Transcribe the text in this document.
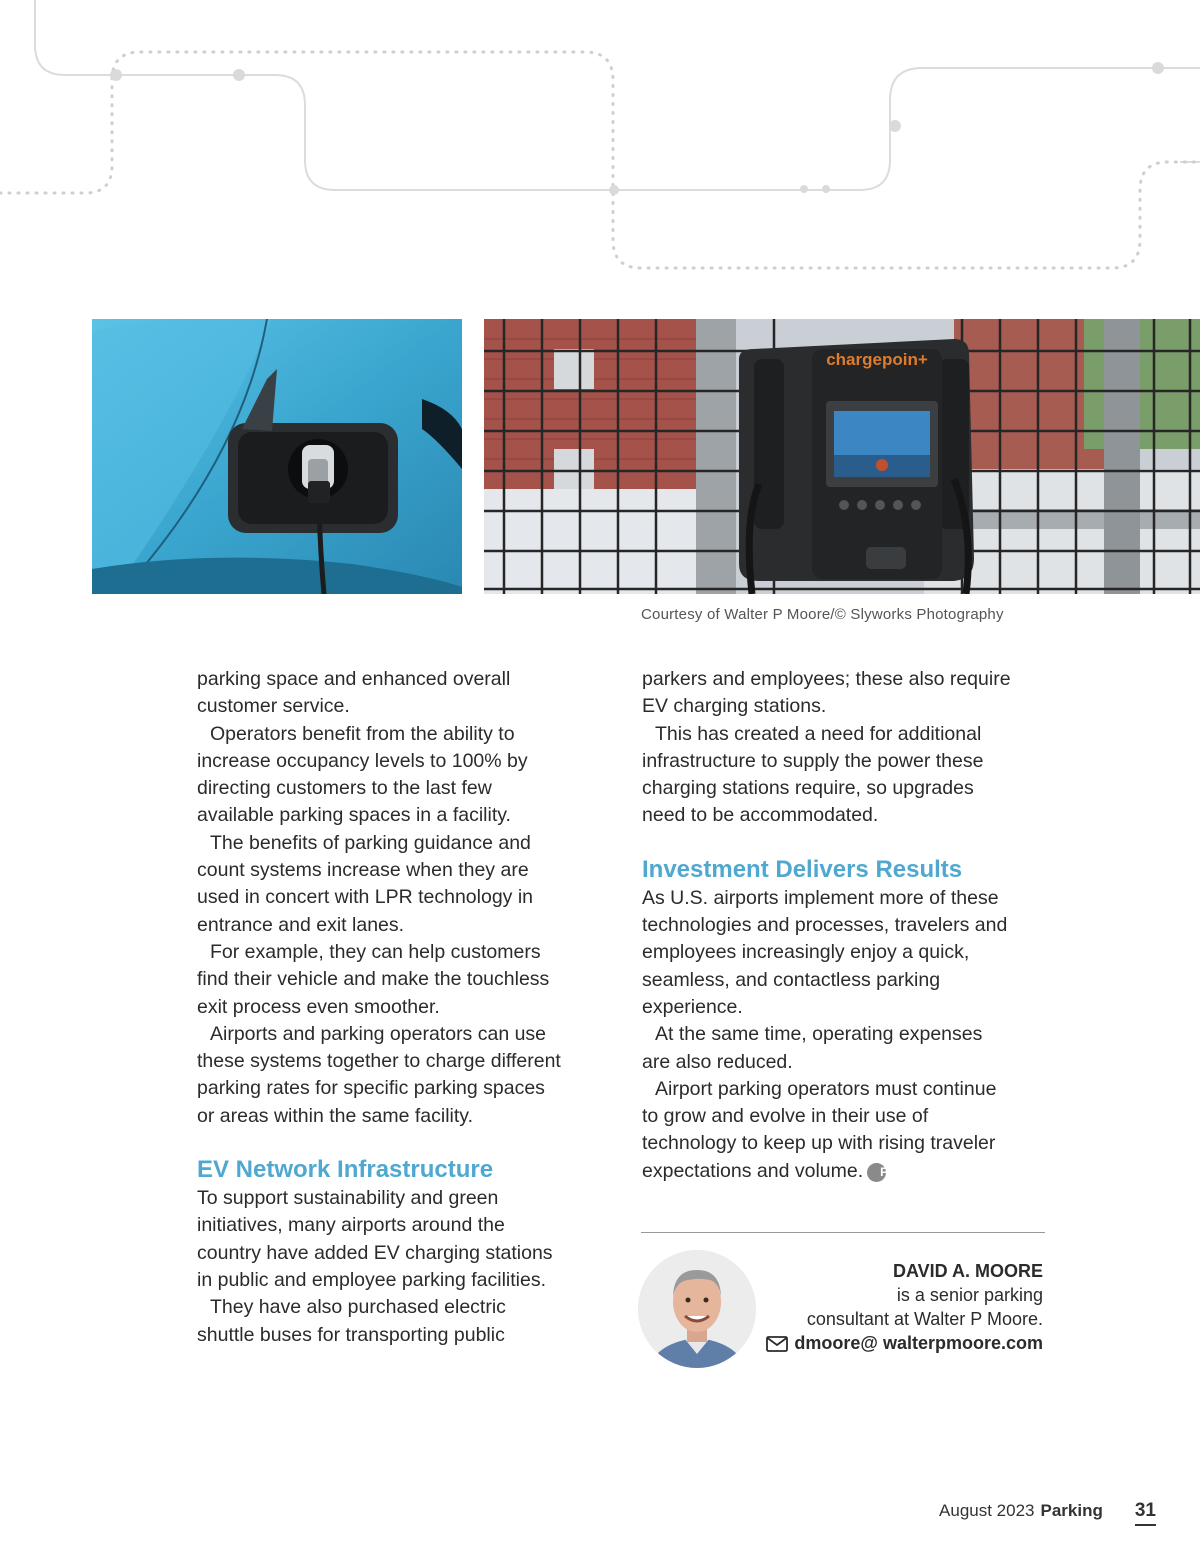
chargepoin+
Courtesy of Walter P Moore/© Slyworks Photography

parking space and enhanced overall customer service.

Operators benefit from the ability to increase occupancy levels to 100% by directing customers to the last few available parking spaces in a facility.

The benefits of parking guidance and count systems increase when they are used in concert with LPR technology in entrance and exit lanes.

For example, they can help customers find their vehicle and make the touchless exit process even smoother.

Airports and parking operators can use these systems together to charge different parking rates for specific parking spaces or areas within the same facility.

EV Network Infrastructure

To support sustainability and green initiatives, many airports around the country have added EV charging stations in public and employee parking facilities.

They have also purchased electric shuttle buses for transporting public

parkers and employees; these also require EV charging stations.

This has created a need for additional infrastructure to supply the power these charging stations require, so upgrades need to be accommodated.

Investment Delivers Results

As U.S. airports implement more of these technologies and processes, travelers and employees increasingly enjoy a quick, seamless, and contactless parking experience.

At the same time, operating expenses are also reduced.

Airport parking operators must continue to grow and evolve in their use of technology to keep up with rising traveler expectations and volume. P

DAVID A. MOORE
is a senior parking
consultant at Walter P Moore.
dmoore@ walterpmoore.com
August 2023 Parking 31
